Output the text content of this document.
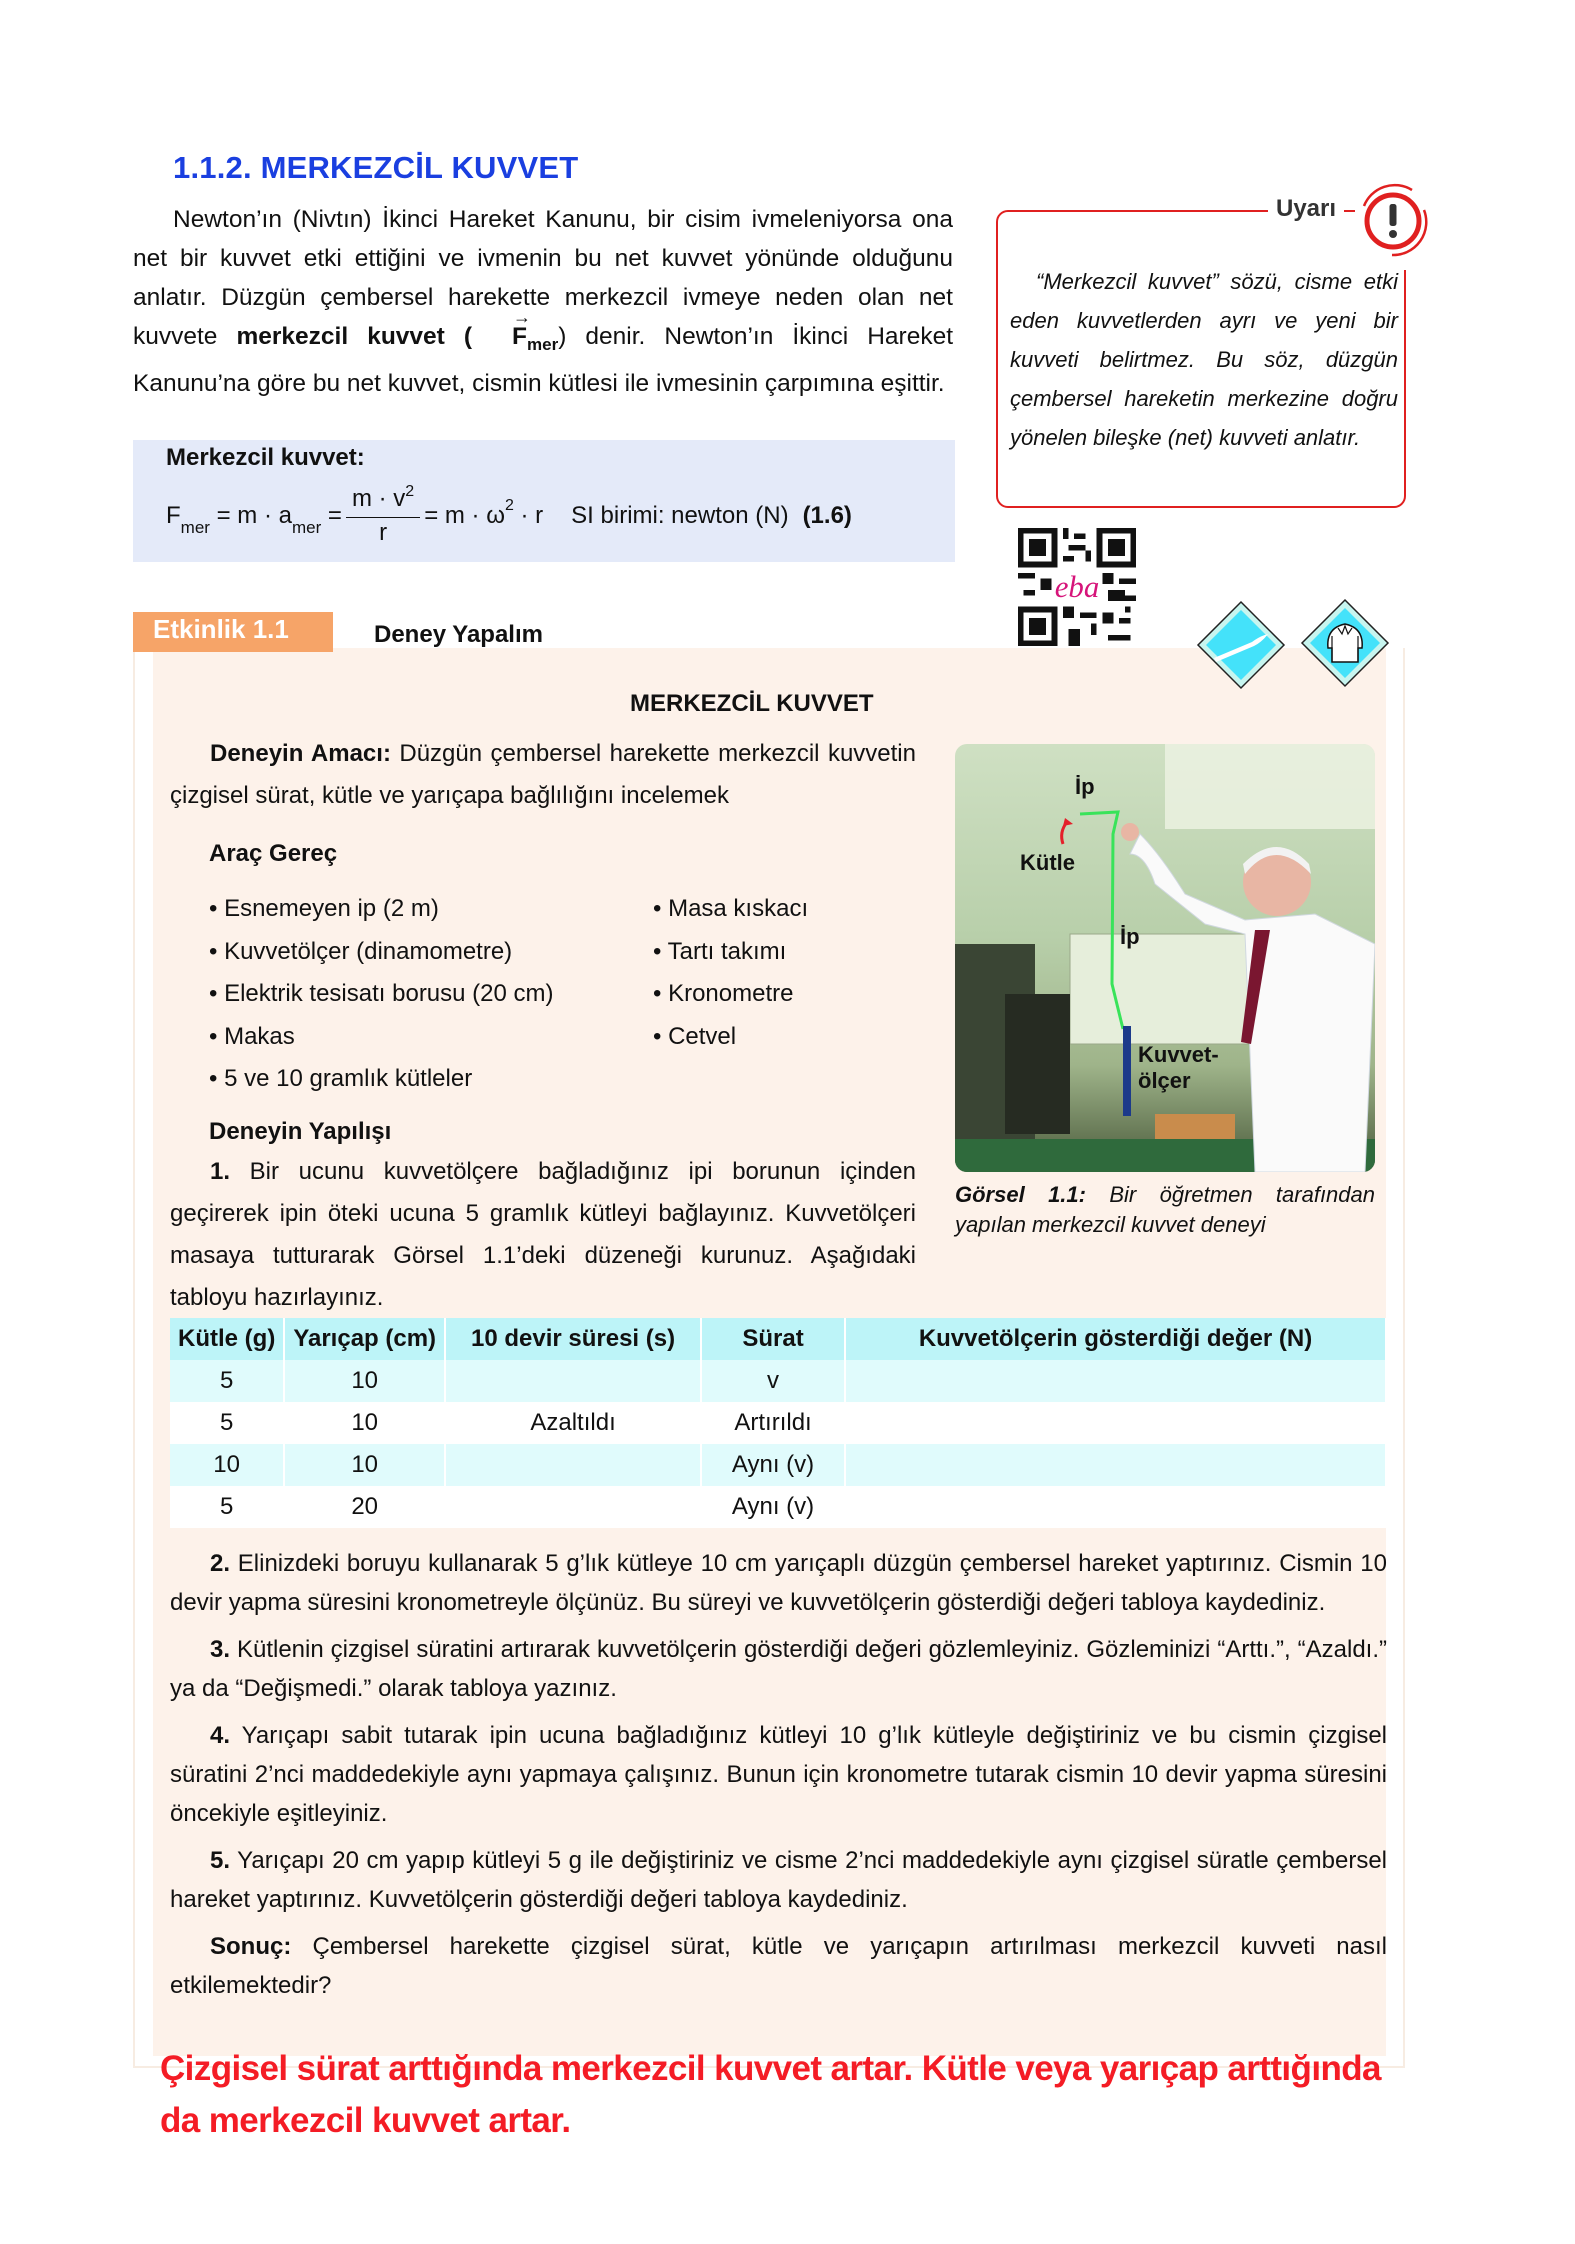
1.1.2. MERKEZCİL KUVVET

Newton’ın (Nivtın) İkinci Hareket Kanunu, bir cisim ivmeleniyorsa ona net bir kuvvet etki ettiğini ve ivmenin bu net kuvvet yönünde olduğunu anlatır. Düzgün çembersel harekette merkezcil ivmeye neden olan net kuvvete merkezcil kuvvet ( → $F_{mer}$) denir. Newton’ın İkinci Hareket Kanunu’na göre bu net kuvvet, cismin kütlesi ile ivmesinin çarpımına eşittir.

Merkezcil kuvvet:
F mer = m · a mer = $\frac{m \cdot v^2}{r} = m \cdot \omega$ 2 · r SI birimi: newton (N) (1.6)
Uyarı

“Merkezcil kuvvet” sözü, cisme etki eden kuvvetlerden ayrı ve yeni bir kuvveti belirtmez. Bu söz, düzgün çembersel hareketin merkezine doğru yönelen bileşke (net) kuvveti anlatır.

eba
Etkinlik 1.1	Deney Yapalım
MERKEZCİL KUVVET

Deneyin Amacı: Düzgün çembersel harekette merkezcil kuvvetin çizgisel sürat, kütle ve yarıçapa bağlılığını incelemek

Araç Gereç
• Esnemeyen ip (2 m)
• Kuvvetölçer (dinamometre)
• Elektrik tesisatı borusu (20 cm)
• Makas
• 5 ve 10 gramlık kütleler
• Masa kıskacı
• Tartı takımı
• Kronometre
• Cetvel
Deneyin Yapılışı

1. Bir ucunu kuvvetölçere bağladığınız ipi borunun içinden geçirerek ipin öteki ucuna 5 gramlık kütleyi bağlayınız. Kuvvetölçeri masaya tutturarak Görsel 1.1’deki düzeneği kurunuz. Aşağıdaki tabloyu hazırlayınız.

İp
Kütle
İp
Kuvvet-
ölçer
Görsel 1.1: Bir öğretmen tarafından yapılan merkezcil kuvvet deneyi
Kütle (g)	Yarıçap (cm)	10 devir süresi (s)	Sürat	Kuvvetölçerin gösterdiği değer (N)
5	10		v	
5	10	Azaltıldı	Artırıldı	
10	10		Aynı (v)	
5	20		Aynı (v)	

2. Elinizdeki boruyu kullanarak 5 g’lık kütleye 10 cm yarıçaplı düzgün çembersel hareket yaptırınız. Cismin 10 devir yapma süresini kronometreyle ölçünüz. Bu süreyi ve kuvvetölçerin gösterdiği değeri tabloya kaydediniz.

3. Kütlenin çizgisel süratini artırarak kuvvetölçerin gösterdiği değeri gözlemleyiniz. Gözleminizi “Arttı.”, “Azaldı.” ya da “Değişmedi.” olarak tabloya yazınız.

4. Yarıçapı sabit tutarak ipin ucuna bağladığınız kütleyi 10 g’lık kütleyle değiştiriniz ve bu cismin çizgisel süratini 2’nci maddedekiyle aynı yapmaya çalışınız. Bunun için kronometre tutarak cismin 10 devir yapma süresini öncekiyle eşitleyiniz.

5. Yarıçapı 20 cm yapıp kütleyi 5 g ile değiştiriniz ve cisme 2’nci maddedekiyle aynı çizgisel süratle çembersel hareket yaptırınız. Kuvvetölçerin gösterdiği değeri tabloya kaydediniz.

Sonuç: Çembersel harekette çizgisel sürat, kütle ve yarıçapın artırılması merkezcil kuvveti nasıl etkilemektedir?

Çizgisel sürat arttığında merkezcil kuvvet artar. Kütle veya yarıçap arttığında da merkezcil kuvvet artar.
